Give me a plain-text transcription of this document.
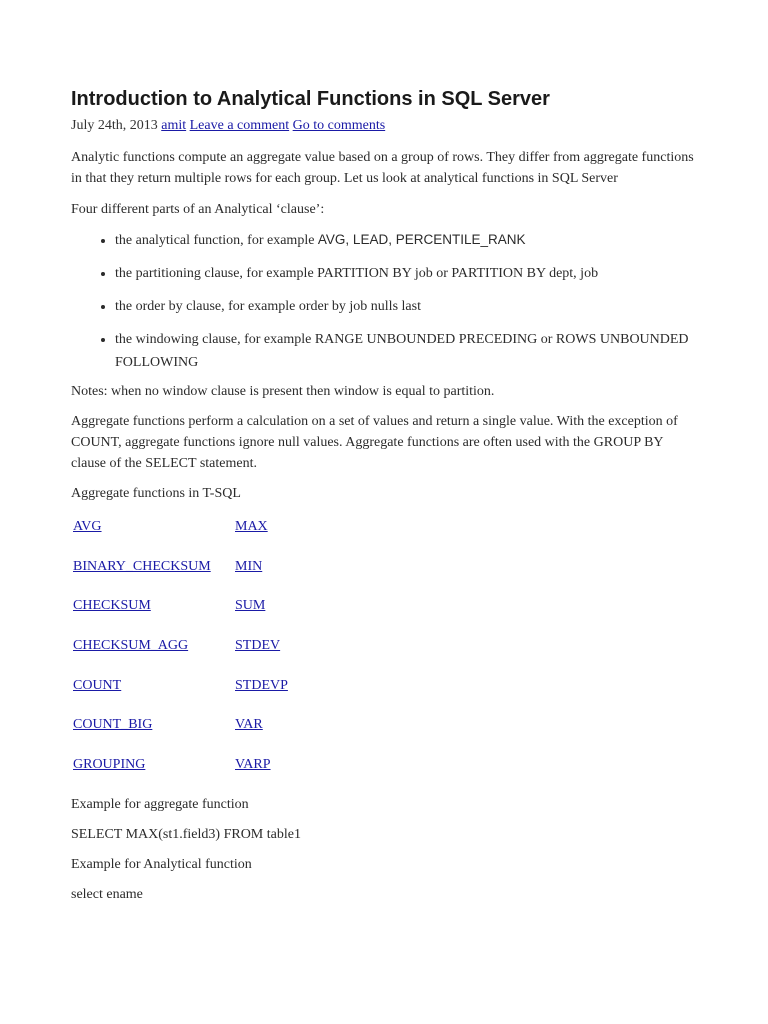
Introduction to Analytical Functions in SQL Server
July 24th, 2013 amit Leave a comment Go to comments

Analytic functions compute an aggregate value based on a group of rows. They differ from aggregate functions in that they return multiple rows for each group. Let us look at analytical functions in SQL Server

Four different parts of an Analytical ‘clause’:

• the analytical function, for example AVG, LEAD, PERCENTILE_RANK
• the partitioning clause, for example PARTITION BY job or PARTITION BY dept, job
• the order by clause, for example order by job nulls last
• the windowing clause, for example RANGE UNBOUNDED PRECEDING or ROWS UNBOUNDED FOLLOWING

Notes: when no window clause is present then window is equal to partition.

Aggregate functions perform a calculation on a set of values and return a single value. With the exception of COUNT, aggregate functions ignore null values. Aggregate functions are often used with the GROUP BY clause of the SELECT statement.

Aggregate functions in T-SQL

AVG	MAX
BINARY_CHECKSUM	MIN
CHECKSUM	SUM
CHECKSUM_AGG	STDEV
COUNT	STDEVP
COUNT_BIG	VAR
GROUPING	VARP

Example for aggregate function

SELECT MAX(st1.field3) FROM table1

Example for Analytical function

select ename
